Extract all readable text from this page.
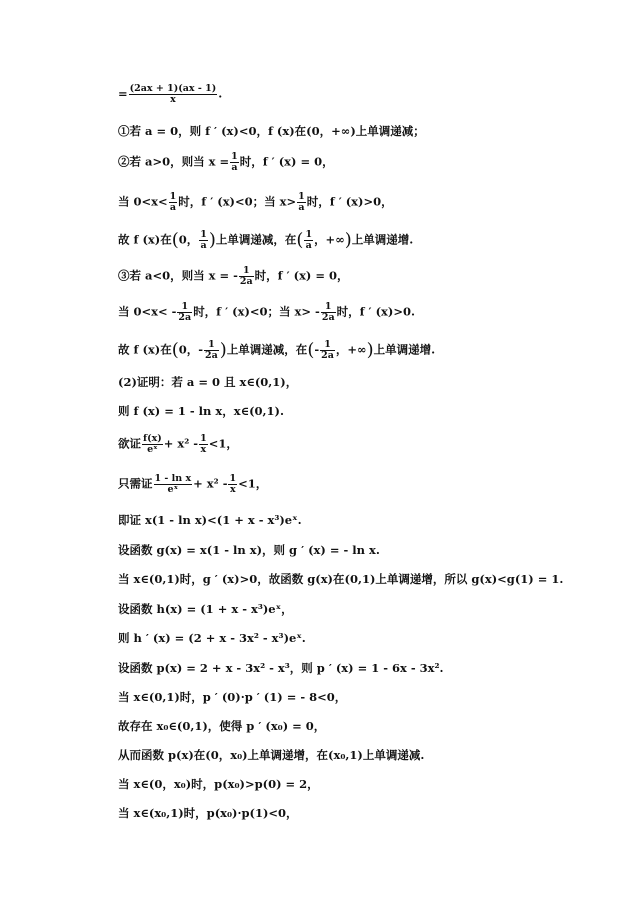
= $\frac{(2ax + 1)(ax - 1)}{x}$ .
①若 a = 0，则 f ′ (x)<0，f (x)在(0，+∞)上单调递减；
②若 a>0，则当 $x = \frac{1}{a}$ 时，f ′ (x) = 0，
当 $0<x< \frac{1}{a}$ 时，f ′ (x)<0；当 $x> \frac{1}{a}$ 时，f ′ (x)>0，
故 f (x)在(0， $\frac{1}{a}$ )上单调递减，在( $\frac{1}{a}$ ，+∞)上单调递增.
③若 a<0，则当 x = - $\frac{1}{2a}$ 时，f ′ (x) = 0，
当 $0<x< - \frac{1}{2a}$ 时，f ′ (x)<0；当 $x> - \frac{1}{2a}$ 时，f ′ (x)>0.
故 f (x)在(0，- $\frac{1}{2a}$ )上单调递减，在(- $\frac{1}{2a}$ ，+∞)上单调递增.
(2)证明：若 a = 0 且 x∈(0,1)，
则 f (x) = 1 - ln x，x∈(0,1).
欲证 $\frac{f(x)}{\text{eˣ}} + x^2 - \frac{1}{x} <1$，
只需证 $\frac{\text{1 - ln x}}{\text{eˣ}} + x^2 - \frac{1}{x} <1$，
即证 x(1 - ln x)<(1 + x - x³)eˣ.
设函数 g(x) = x(1 - ln x)，则 g ′ (x) = - ln x.
当 x∈(0,1)时，g ′ (x)>0，故函数 g(x)在(0,1)上单调递增，所以 g(x)<g(1) = 1.
设函数 h(x) = (1 + x - x³)eˣ，
则 h ′ (x) = (2 + x - 3x² - x³)eˣ.
设函数 p(x) = 2 + x - 3x² - x³，则 p ′ (x) = 1 - 6x - 3x².
当 x∈(0,1)时，p ′ (0)·p ′ (1) = - 8<0，
故存在 x₀∈(0,1)，使得 p ′ (x₀) = 0，
从而函数 p(x)在(0，x₀)上单调递增，在(x₀,1)上单调递减.
当 x∈(0，x₀)时，p(x₀)>p(0) = 2，
当 x∈(x₀,1)时，p(x₀)·p(1)<0，
